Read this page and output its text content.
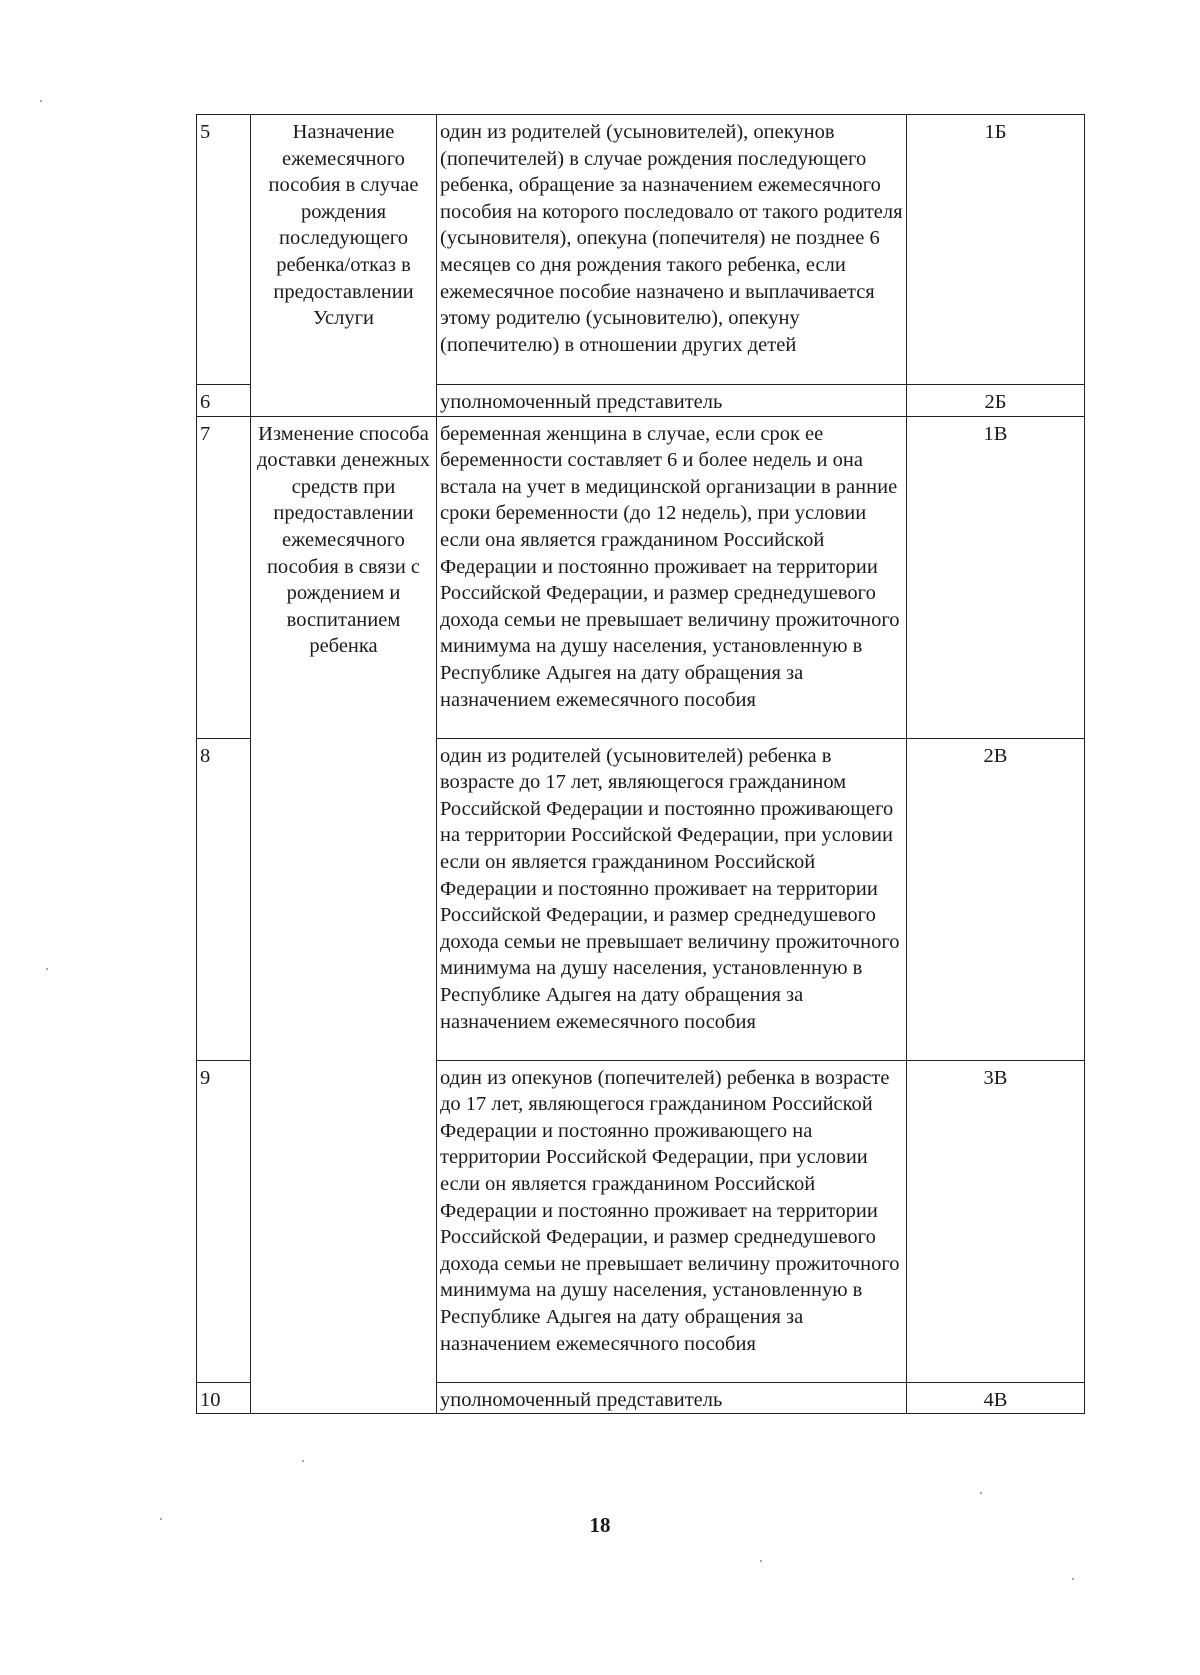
5	Назначение ежемесячного пособия в случае рождения последующего ребенка/отказ в предоставлении Услуги	один из родителей (усыновителей), опекунов (попечителей) в случае рождения последующего ребенка, обращение за назначением ежемесячного пособия на которого последовало от такого родителя (усыновителя), опекуна (попечителя) не позднее 6 месяцев со дня рождения такого ребенка, если ежемесячное пособие назначено и выплачивается этому родителю (усыновителю), опекуну (попечителю) в отношении других детей	1Б
6		уполномоченный представитель	2Б
7	Изменение способа доставки денежных средств при предоставлении ежемесячного пособия в связи с рождением и воспитанием ребенка	беременная женщина в случае, если срок ее беременности составляет 6 и более недель и она встала на учет в медицинской организации в ранние сроки беременности (до 12 недель), при условии если она является гражданином Российской Федерации и постоянно проживает на территории Российской Федерации, и размер среднедушевого дохода семьи не превышает величину прожиточного минимума на душу населения, установленную в Республике Адыгея на дату обращения за назначением ежемесячного пособия	1В
8		один из родителей (усыновителей) ребенка в возрасте до 17 лет, являющегося гражданином Российской Федерации и постоянно проживающего на территории Российской Федерации, при условии если он является гражданином Российской Федерации и постоянно проживает на территории Российской Федерации, и размер среднедушевого дохода семьи не превышает величину прожиточного минимума на душу населения, установленную в Республике Адыгея на дату обращения за назначением ежемесячного пособия	2В
9		один из опекунов (попечителей) ребенка в возрасте до 17 лет, являющегося гражданином Российской Федерации и постоянно проживающего на территории Российской Федерации, при условии если он является гражданином Российской Федерации и постоянно проживает на территории Российской Федерации, и размер среднедушевого дохода семьи не превышает величину прожиточного минимума на душу населения, установленную в Республике Адыгея на дату обращения за назначением ежемесячного пособия	3В
10		уполномоченный представитель	4В
18
